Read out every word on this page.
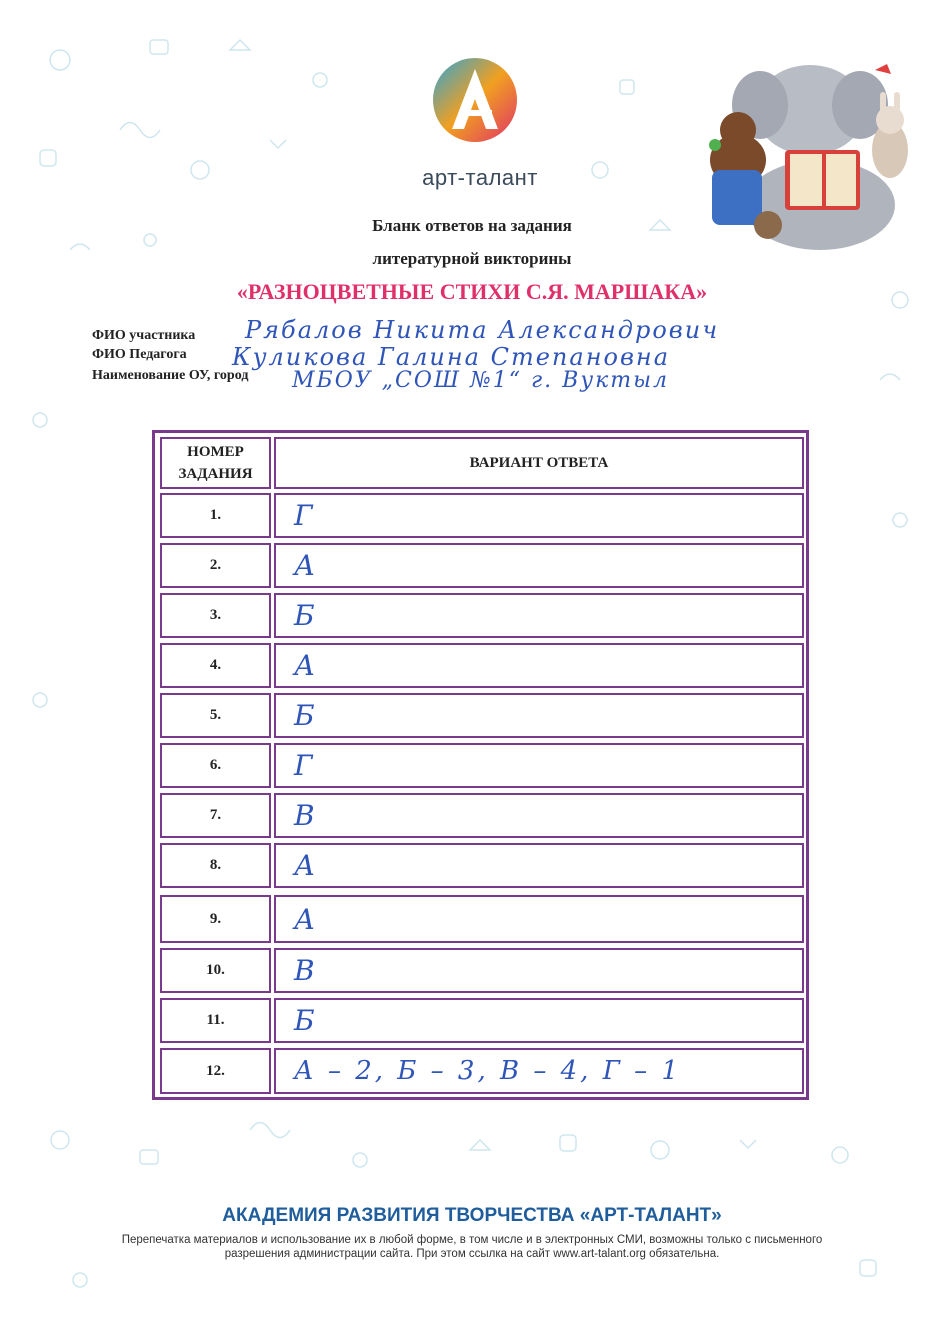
арт-талант
Бланк ответов на задания
литературной викторины
«РАЗНОЦВЕТНЫЕ СТИХИ С.Я. МАРШАКА»
ФИО участника Рябалов Никита Александрович
ФИО Педагога Куликова Галина Степановна
Наименование ОУ, город МБОУ „СОШ №1“ г. Вуктыл
НОМЕР ЗАДАНИЯ
ВАРИАНТ ОТВЕТА
1.	Г
2.	А
3.	Б
4.	А
5.	Б
6.	Г
7.	В
8.	А
9.	А
10.	В
11.	Б
12.	А – 2, Б – 3, В – 4, Г – 1
АКАДЕМИЯ РАЗВИТИЯ ТВОРЧЕСТВА «АРТ-ТАЛАНТ»
Перепечатка материалов и использование их в любой форме, в том числе и в электронных СМИ, возможны только с письменного разрешения администрации сайта. При этом ссылка на сайт www.art-talant.org обязательна.
